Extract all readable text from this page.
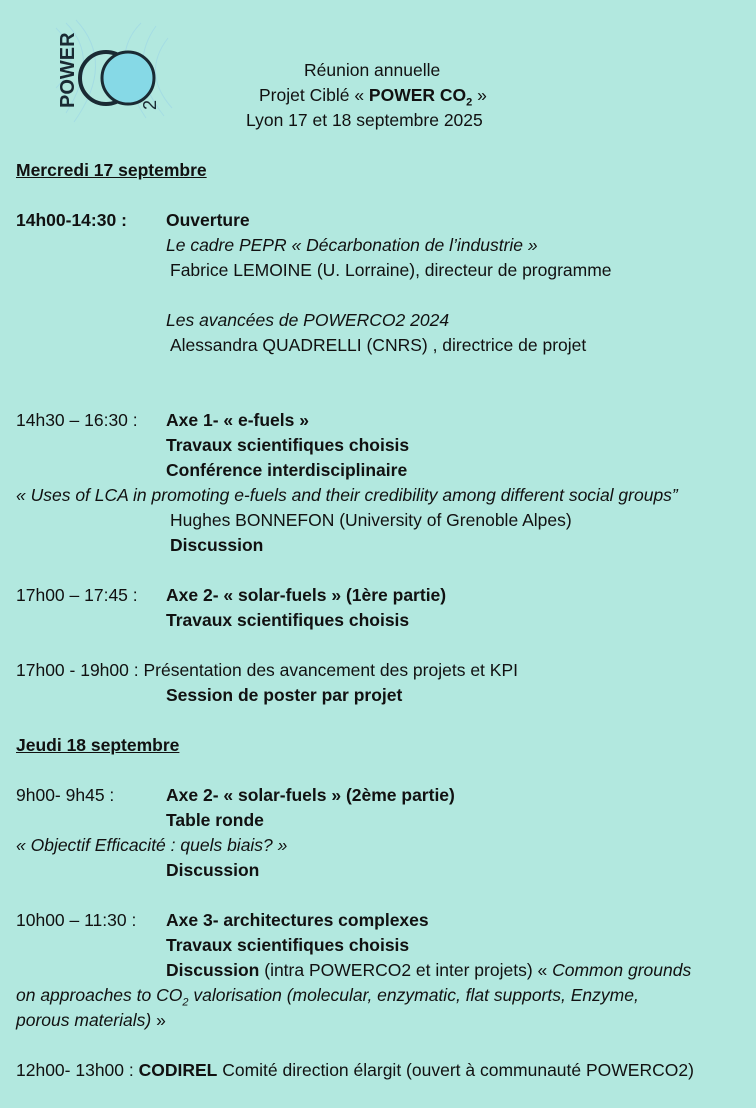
POWER	2
Réunion annuelle
Projet Ciblé « POWER $CO_2$ »
Lyon 17 et 18 septembre 2025
Mercredi 17 septembre
14h00-14:30 : Ouverture
Le cadre PEPR « Décarbonation de l’industrie »
Fabrice LEMOINE (U. Lorraine), directeur de programme
Les avancées de POWERCO2 2024
Alessandra QUADRELLI (CNRS) , directrice de projet
14h30 – 16:30 : Axe 1- « e-fuels »
Travaux scientifiques choisis
Conférence interdisciplinaire
« Uses of LCA in promoting e-fuels and their credibility among different social groups”
Hughes BONNEFON (University of Grenoble Alpes)
Discussion
17h00 – 17:45 : Axe 2- « solar-fuels » (1ère partie)
Travaux scientifiques choisis
17h00 - 19h00 : Présentation des avancement des projets et KPI
Session de poster par projet
Jeudi 18 septembre
9h00- 9h45 :	Axe 2- « solar-fuels » (2ème partie)
Table ronde
« Objectif Efficacité : quels biais? »
Discussion
10h00 – 11:30 : Axe 3- architectures complexes
Travaux scientifiques choisis
Discussion (intra POWERCO2 et inter projets) « Common grounds
on approaches to $CO_2$ valorisation (molecular, enzymatic, flat supports, Enzyme,
porous materials) »
12h00- 13h00 : CODIREL Comité direction élargit (ouvert à communauté POWERCO2)
